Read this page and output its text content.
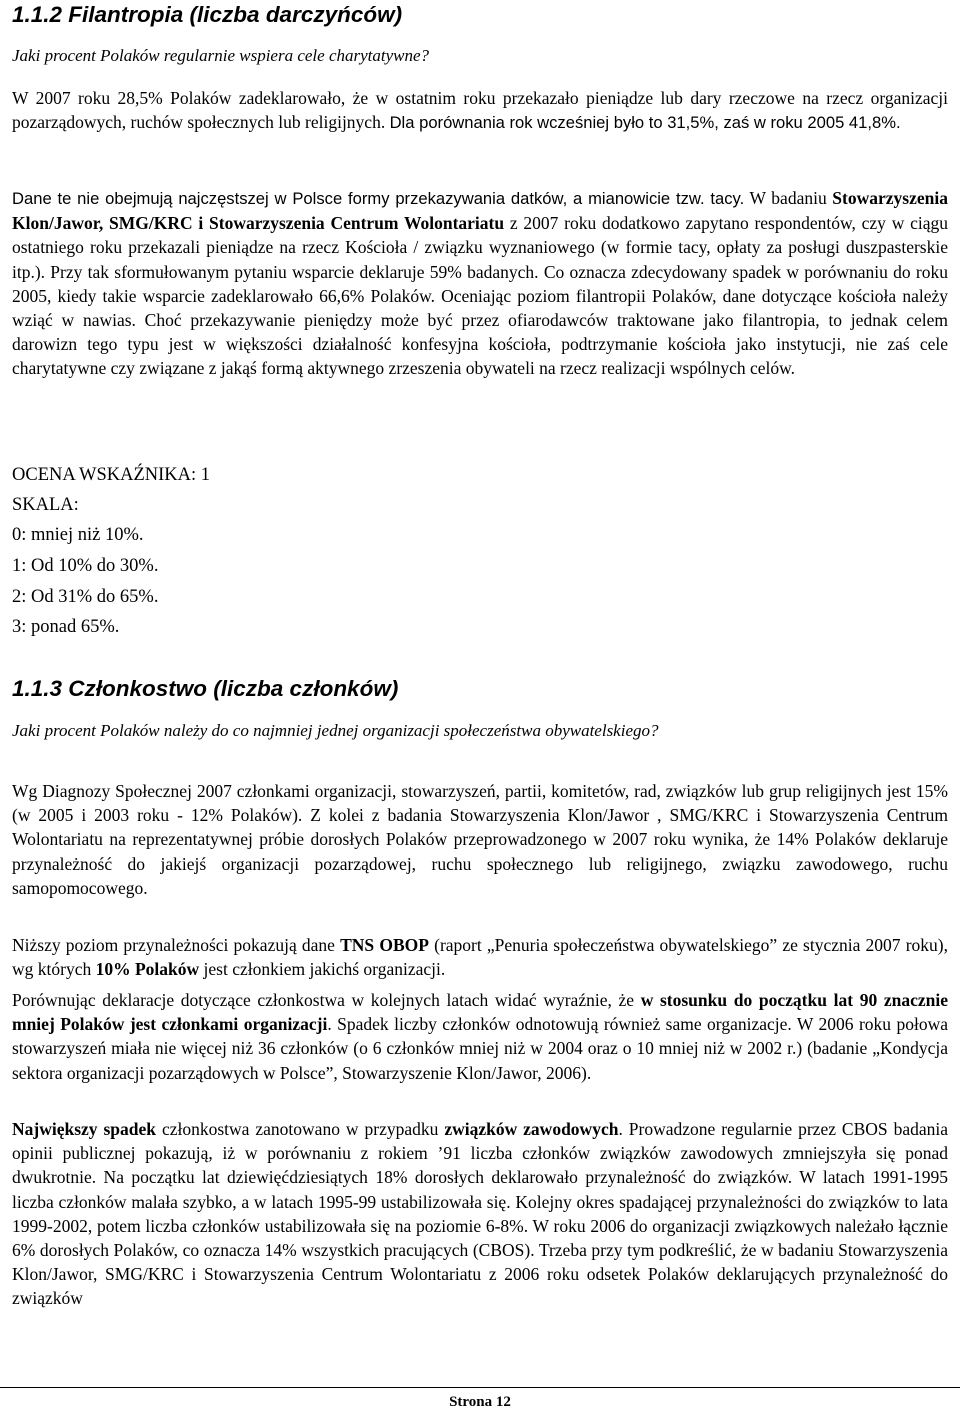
1.1.2 Filantropia (liczba darczyńców)
Jaki procent Polaków regularnie wspiera cele charytatywne?
W 2007 roku 28,5% Polaków zadeklarowało, że w ostatnim roku przekazało pieniądze lub dary rzeczowe na rzecz organizacji pozarządowych, ruchów społecznych lub religijnych. Dla porównania rok wcześniej było to 31,5%, zaś w roku 2005 41,8%.
Dane te nie obejmują najczęstszej w Polsce formy przekazywania datków, a mianowicie tzw. tacy. W badaniu Stowarzyszenia Klon/Jawor, SMG/KRC i Stowarzyszenia Centrum Wolontariatu z 2007 roku dodatkowo zapytano respondentów, czy w ciągu ostatniego roku przekazali pieniądze na rzecz Kościoła / związku wyznaniowego (w formie tacy, opłaty za posługi duszpasterskie itp.). Przy tak sformułowanym pytaniu wsparcie deklaruje 59% badanych. Co oznacza zdecydowany spadek w porównaniu do roku 2005, kiedy takie wsparcie zadeklarowało 66,6% Polaków. Oceniając poziom filantropii Polaków, dane dotyczące kościoła należy wziąć w nawias. Choć przekazywanie pieniędzy może być przez ofiarodawców traktowane jako filantropia, to jednak celem darowizn tego typu jest w większości działalność konfesyjna kościoła, podtrzymanie kościoła jako instytucji, nie zaś cele charytatywne czy związane z jakąś formą aktywnego zrzeszenia obywateli na rzecz realizacji wspólnych celów.
OCENA WSKAŹNIKA: 1
SKALA:
0: mniej niż 10%.
1: Od 10% do 30%.
2: Od 31% do 65%.
3: ponad 65%.
1.1.3 Członkostwo (liczba członków)
Jaki procent Polaków należy do co najmniej jednej organizacji społeczeństwa obywatelskiego?
Wg Diagnozy Społecznej 2007 członkami organizacji, stowarzyszeń, partii, komitetów, rad, związków lub grup religijnych jest 15% (w 2005 i 2003 roku - 12% Polaków). Z kolei z badania Stowarzyszenia Klon/Jawor , SMG/KRC i Stowarzyszenia Centrum Wolontariatu na reprezentatywnej próbie dorosłych Polaków przeprowadzonego w 2007 roku wynika, że 14% Polaków deklaruje przynależność do jakiejś organizacji pozarządowej, ruchu społecznego lub religijnego, związku zawodowego, ruchu samopomocowego.
Niższy poziom przynależności pokazują dane TNS OBOP (raport „Penuria społeczeństwa obywatelskiego” ze stycznia 2007 roku), wg których 10% Polaków jest członkiem jakichś organizacji.
Porównując deklaracje dotyczące członkostwa w kolejnych latach widać wyraźnie, że w stosunku do początku lat 90 znacznie mniej Polaków jest członkami organizacji. Spadek liczby członków odnotowują również same organizacje. W 2006 roku połowa stowarzyszeń miała nie więcej niż 36 członków (o 6 członków mniej niż w 2004 oraz o 10 mniej niż w 2002 r.) (badanie „Kondycja sektora organizacji pozarządowych w Polsce”, Stowarzyszenie Klon/Jawor, 2006).
Największy spadek członkostwa zanotowano w przypadku związków zawodowych. Prowadzone regularnie przez CBOS badania opinii publicznej pokazują, iż w porównaniu z rokiem ’91 liczba członków związków zawodowych zmniejszyła się ponad dwukrotnie. Na początku lat dziewięćdziesiątych 18% dorosłych deklarowało przynależność do związków. W latach 1991-1995 liczba członków malała szybko, a w latach 1995-99 ustabilizowała się. Kolejny okres spadającej przynależności do związków to lata 1999-2002, potem liczba członków ustabilizowała się na poziomie 6-8%. W roku 2006 do organizacji związkowych należało łącznie 6% dorosłych Polaków, co oznacza 14% wszystkich pracujących (CBOS). Trzeba przy tym podkreślić, że w badaniu Stowarzyszenia Klon/Jawor, SMG/KRC i Stowarzyszenia Centrum Wolontariatu z 2006 roku odsetek Polaków deklarujących przynależność do związków
Strona 12
